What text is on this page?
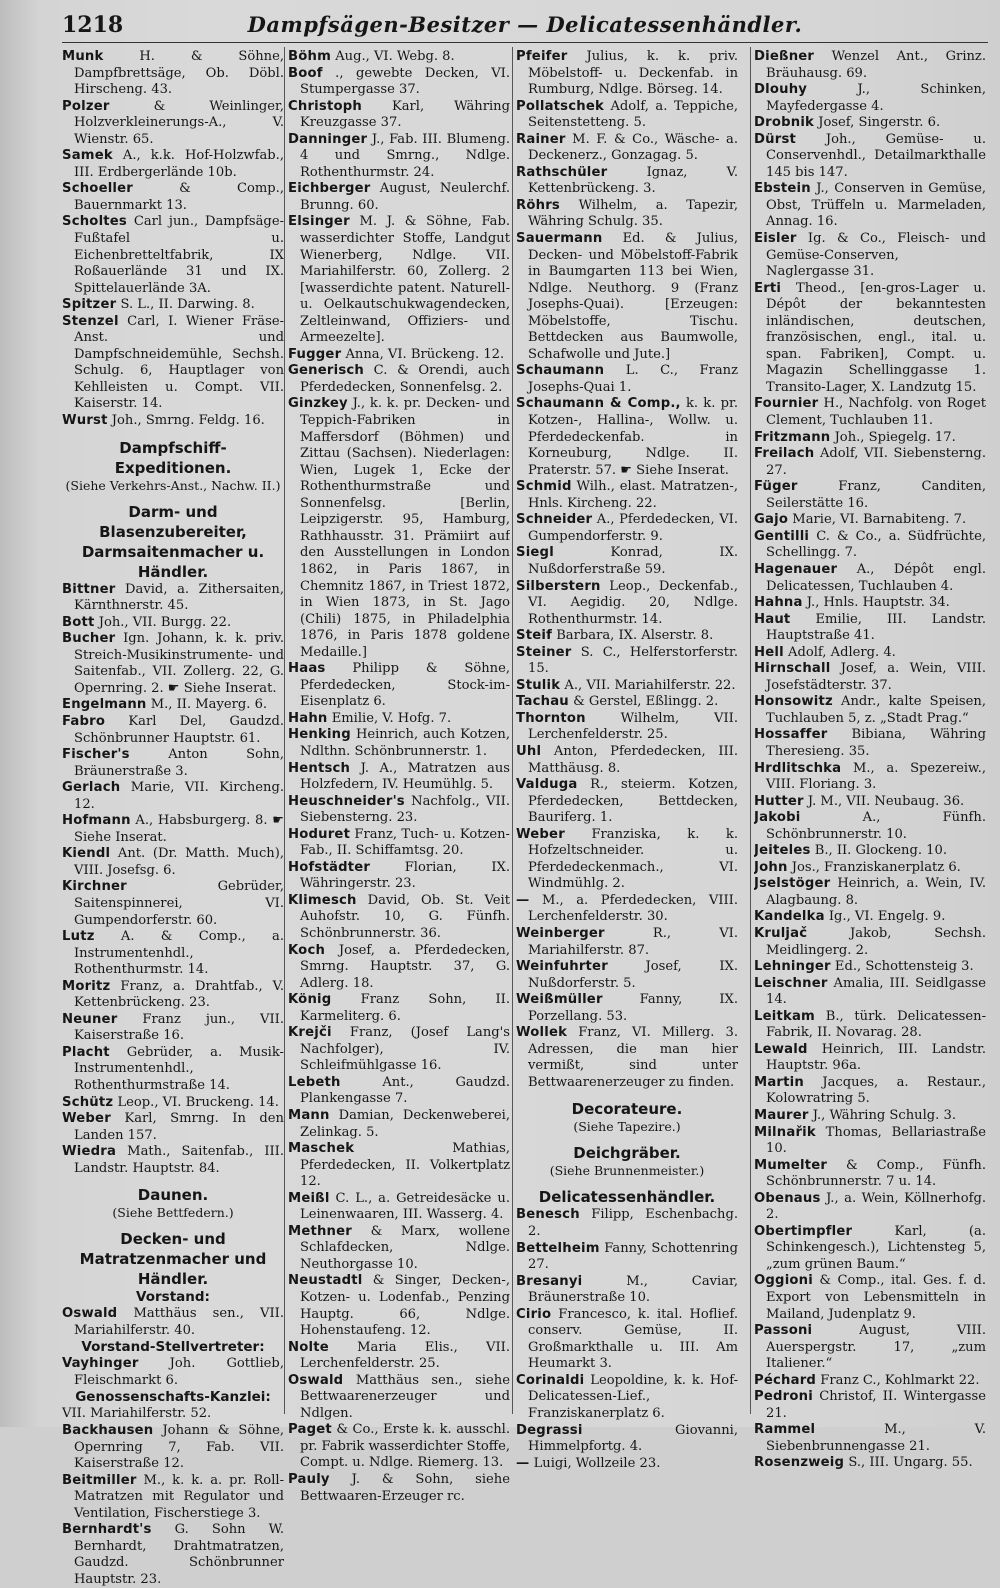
1218	Dampfsägen-Besitzer — Delicatessenhändler.

Munk	H. & Söhne, Dampfbrettsäge, Ob. Döbl. Hirscheng. 43.

Polzer	& Weinlinger, Holzverkleinerungs-A., V. Wienstr. 65.

Samek A., k.k. Hof-Holzwfab., III. Erdbergerlände 10b.

Schoeller	& Comp., Bauernmarkt 13.

Scholtes Carl jun., Dampfsäge-Fußtafel u. Eichenbretteltfabrik, IX Roßauerlände 31 und IX. Spittelauerlände 3A.

Spitzer S. L., II. Darwing. 8.

Stenzel Carl, I. Wiener Fräse-Anst. und Dampfschneidemühle, Sechsh. Schulg. 6, Hauptlager von Kehlleisten u. Compt. VII. Kaiserstr. 14.

Wurst Joh., Smrng. Feldg. 16.

Dampfschiff-Expeditionen.

(Siehe Verkehrs-Anst., Nachw. II.)

Darm- und Blasenzubereiter, Darmsaitenmacher u. Händler.

Bittner David, a. Zithersaiten, Kärnthnerstr. 45.

Bott Joh., VII. Burgg. 22.

Bucher Ign. Johann, k. k. priv. Streich-Musikinstrumente- und Saitenfab., VII. Zollerg. 22, G. Opernring. 2. ☛ Siehe Inserat.

Engelmann M., II. Mayerg. 6.

Fabro Karl Del, Gaudzd. Schönbrunner Hauptstr. 61.

Fischer's	Anton Sohn, Bräunerstraße 3.

Gerlach Marie, VII. Kircheng. 12.

Hofmann A., Habsburgerg. 8. ☛ Siehe Inserat.

Kiendl Ant. (Dr. Matth. Much), VIII. Josefsg. 6.

Kirchner	Gebrüder, Saitenspinnerei, VI. Gumpendorferstr. 60.

Lutz A. & Comp., a. Instrumentenhdl., Rothenthurmstr. 14.

Moritz Franz, a. Drahtfab., V. Kettenbrückeng. 23.

Neuner Franz jun., VII. Kaiserstraße 16.

Placht Gebrüder, a. Musik-Instrumentenhdl., Rothenthurmstraße 14.

Schütz Leop., VI. Bruckeng. 14.

Weber Karl, Smrng. In den Landen 157.

Wiedra Math., Saitenfab., III. Landstr. Hauptstr. 84.

Daunen.

(Siehe Bettfedern.)

Decken- und Matratzenmacher und Händler.

Vorstand:

Oswald Matthäus sen., VII. Mariahilferstr. 40.

Vorstand-Stellvertreter:

Vayhinger Joh. Gottlieb, Fleischmarkt 6.

Genossenschafts-Kanzlei:

VII. Mariahilferstr. 52.

Backhausen Johann & Söhne, Opernring 7, Fab. VII. Kaiserstraße 12.

Beitmiller M., k. k. a. pr. Roll-Matratzen mit Regulator und Ventilation, Fischerstiege 3.

Bernhardt's G. Sohn W. Bernhardt, Drahtmatratzen, Gaudzd. Schönbrunner Hauptstr. 23.

Böhm Aug., VI. Webg. 8.

Boof ., gewebte Decken, VI. Stumpergasse 37.

Christoph Karl, Währing Kreuzgasse 37.

Danninger J., Fab. III. Blumeng. 4 und Smrng., Ndlge. Rothenthurmstr. 24.

Eichberger August, Neulerchf. Brunng. 60.

Elsinger M. J. & Söhne, Fab. wasserdichter Stoffe, Landgut Wienerberg, Ndlge. VII. Mariahilferstr. 60, Zollerg. 2 [wasserdichte patent. Naturell- u. Oelkautschukwagendecken, Zeltleinwand, Offiziers- und Armeezelte].

Fugger Anna, VI. Brückeng. 12.

Generisch C. & Orendi, auch Pferdedecken, Sonnenfelsg. 2.

Ginzkey J., k. k. pr. Decken- und Teppich-Fabriken in Maffersdorf (Böhmen) und Zittau (Sachsen). Niederlagen: Wien, Lugek 1, Ecke der Rothenthurmstraße und Sonnenfelsg. [Berlin, Leipzigerstr. 95, Hamburg, Rathhausstr. 31. Prämiirt auf den Ausstellungen in London 1862, in Paris 1867, in Chemnitz 1867, in Triest 1872, in Wien 1873, in St. Jago (Chili) 1875, in Philadelphia 1876, in Paris 1878 goldene Medaille.]

Haas Philipp & Söhne, Pferdedecken, Stock-im-Eisenplatz 6.

Hahn Emilie, V. Hofg. 7.

Henking Heinrich, auch Kotzen, Ndlthn. Schönbrunnerstr. 1.

Hentsch J. A., Matratzen aus Holzfedern, IV. Heumühlg. 5.

Heuschneider's Nachfolg., VII. Siebensterng. 23.

Hoduret Franz, Tuch- u. Kotzen-Fab., II. Schiffamtsg. 20.

Hofstädter	Florian, IX. Währingerstr. 23.

Klimesch David, Ob. St. Veit Auhofstr. 10, G. Fünfh. Schönbrunnerstr. 36.

Koch Josef, a. Pferdedecken, Smrng. Hauptstr. 37, G. Adlerg. 18.

König Franz Sohn, II. Karmeliterg. 6.

Krejči Franz, (Josef Lang's Nachfolger), IV. Schleifmühlgasse 16.

Lebeth	Ant., Gaudzd. Plankengasse 7.

Mann Damian, Deckenweberei, Zelinkag. 5.

Maschek	Mathias, Pferdedecken, II. Volkertplatz 12.

Meißl C. L., a. Getreidesäcke u. Leinenwaaren, III. Wasserg. 4.

Methner & Marx, wollene Schlafdecken, Ndlge. Neuthorgasse 10.

Neustadtl & Singer, Decken-, Kotzen- u. Lodenfab., Penzing Hauptg. 66, Ndlge. Hohenstaufeng. 12.

Nolte Maria Elis., VII. Lerchenfelderstr. 25.

Oswald Matthäus sen., siehe Bettwaarenerzeuger und Ndlgen.

Paget & Co., Erste k. k. ausschl. pr. Fabrik wasserdichter Stoffe, Compt. u. Ndlge. Riemerg. 13.

Pauly J. & Sohn, siehe Bettwaaren-Erzeuger rc.

Pfeifer Julius, k. k. priv. Möbelstoff- u. Deckenfab. in Rumburg, Ndlge. Börseg. 14.

Pollatschek Adolf, a. Teppiche, Seitenstetteng. 5.

Rainer M. F. & Co., Wäsche- a. Deckenerz., Gonzagag. 5.

Rathschüler	Ignaz, V. Kettenbrückeng. 3.

Röhrs Wilhelm, a. Tapezir, Währing Schulg. 35.

Sauermann Ed. & Julius, Decken- und Möbelstoff-Fabrik in Baumgarten 113 bei Wien, Ndlge. Neuthorg. 9 (Franz Josephs-Quai). [Erzeugen: Möbelstoffe, Tischu. Bettdecken aus Baumwolle, Schafwolle und Jute.]

Schaumann L. C., Franz Josephs-Quai 1.

Schaumann & Comp., k. k. pr. Kotzen-, Hallina-, Wollw. u. Pferdedeckenfab. in Korneuburg, Ndlge. II. Praterstr. 57. ☛ Siehe Inserat.

Schmid Wilh., elast. Matratzen-, Hnls. Kircheng. 22.

Schneider A., Pferdedecken, VI. Gumpendorferstr. 9.

Siegl	Konrad, IX. Nußdorferstraße 59.

Silberstern Leop., Deckenfab., VI. Aegidig. 20, Ndlge. Rothenthurmstr. 14.

Steif Barbara, IX. Alserstr. 8.

Steiner S. C., Helferstorferstr. 15.

Stulik A., VII. Mariahilferstr. 22.

Tachau & Gerstel, Eßlingg. 2.

Thornton	Wilhelm, VII. Lerchenfelderstr. 25.

Uhl Anton, Pferdedecken, III. Matthäusg. 8.

Valduga R., steierm. Kotzen, Pferdedecken, Bettdecken, Bauriferg. 1.

Weber Franziska, k. k. Hofzeltschneider. u. Pferdedeckenmach., VI. Windmühlg. 2.

— M., a. Pferdedecken, VIII. Lerchenfelderstr. 30.

Weinberger	R., VI. Mariahilferstr. 87.

Weinfuhrter	Josef, IX. Nußdorferstr. 5.

Weißmüller	Fanny, IX. Porzellang. 53.

Wollek Franz, VI. Millerg. 3. Adressen, die man hier vermißt, sind unter Bettwaarenerzeuger zu finden.

Decorateure.

(Siehe Tapezire.)

Deichgräber.

(Siehe Brunnenmeister.)

Delicatessenhändler.

Benesch Filipp, Eschenbachg. 2.

Bettelheim Fanny, Schottenring 27.

Bresanyi	M., Caviar, Bräunerstraße 10.

Cirio Francesco, k. ital. Hoflief. conserv. Gemüse, II. Großmarkthalle u. III. Am Heumarkt 3.

Corinaldi Leopoldine, k. k. Hof-Delicatessen-Lief., Franziskanerplatz 6.

Degrassi	Giovanni, Himmelpfortg. 4.

— Luigi, Wollzeile 23.

Dießner Wenzel Ant., Grinz. Bräuhausg. 69.

Dlouhy	J., Schinken, Mayfedergasse 4.

Drobnik Josef, Singerstr. 6.

Dürst Joh., Gemüse- u. Conservenhdl., Detailmarkthalle 145 bis 147.

Ebstein J., Conserven in Gemüse, Obst, Trüffeln u. Marmeladen, Annag. 16.

Eisler Ig. & Co., Fleisch- und Gemüse-Conserven, Naglergasse 31.

Erti Theod., [en-gros-Lager u. Dépôt der bekanntesten inländischen, deutschen, französischen, engl., ital. u. span. Fabriken], Compt. u. Magazin Schellinggasse 1. Transito-Lager, X. Landzutg 15.

Fournier H., Nachfolg. von Roget Clement, Tuchlauben 11.

Fritzmann Joh., Spiegelg. 17.

Freilach Adolf, VII. Siebensterng. 27.

Füger	Franz, Canditen, Seilerstätte 16.

Gajo Marie, VI. Barnabiteng. 7.

Gentilli C. & Co., a. Südfrüchte, Schellingg. 7.

Hagenauer A., Dépôt engl. Delicatessen, Tuchlauben 4.

Hahna J., Hnls. Hauptstr. 34.

Haut Emilie, III. Landstr. Hauptstraße 41.

Hell Adolf, Adlerg. 4.

Hirnschall Josef, a. Wein, VIII. Josefstädterstr. 37.

Honsowitz Andr., kalte Speisen, Tuchlauben 5, z. „Stadt Prag.“

Hossaffer Bibiana, Währing Theresieng. 35.

Hrdlitschka M., a. Spezereiw., VIII. Floriang. 3.

Hutter J. M., VII. Neubaug. 36.

Jakobi	A., Fünfh. Schönbrunnerstr. 10.

Jeiteles B., II. Glockeng. 10.

John Jos., Franziskanerplatz 6.

Jselstöger Heinrich, a. Wein, IV. Alagbaung. 8.

Kandelka Ig., VI. Engelg. 9.

Kruljač	Jakob, Sechsh. Meidlingerg. 2.

Lehninger Ed., Schottensteig 3.

Leischner Amalia, III. Seidlgasse 14.

Leitkam B., türk. Delicatessen-Fabrik, II. Novarag. 28.

Lewald Heinrich, III. Landstr. Hauptstr. 96a.

Martin Jacques, a. Restaur., Kolowratring 5.

Maurer J., Währing Schulg. 3.

Milnařik Thomas, Bellariastraße 10.

Mumelter & Comp., Fünfh. Schönbrunnerstr. 7 u. 14.

Obenaus J., a. Wein, Köllnerhofg. 2.

Obertimpfler	Karl, (a. Schinkengesch.), Lichtensteg 5, „zum grünen Baum.“

Oggioni & Comp., ital. Ges. f. d. Export von Lebensmitteln in Mailand, Judenplatz 9.

Passoni	August, VIII. Auerspergstr. 17, „zum Italiener.“

Péchard Franz C., Kohlmarkt 22.

Pedroni Christof, II. Wintergasse 21.

Rammel	M., V. Siebenbrunnengasse 21.

Rosenzweig S., III. Ungarg. 55.
